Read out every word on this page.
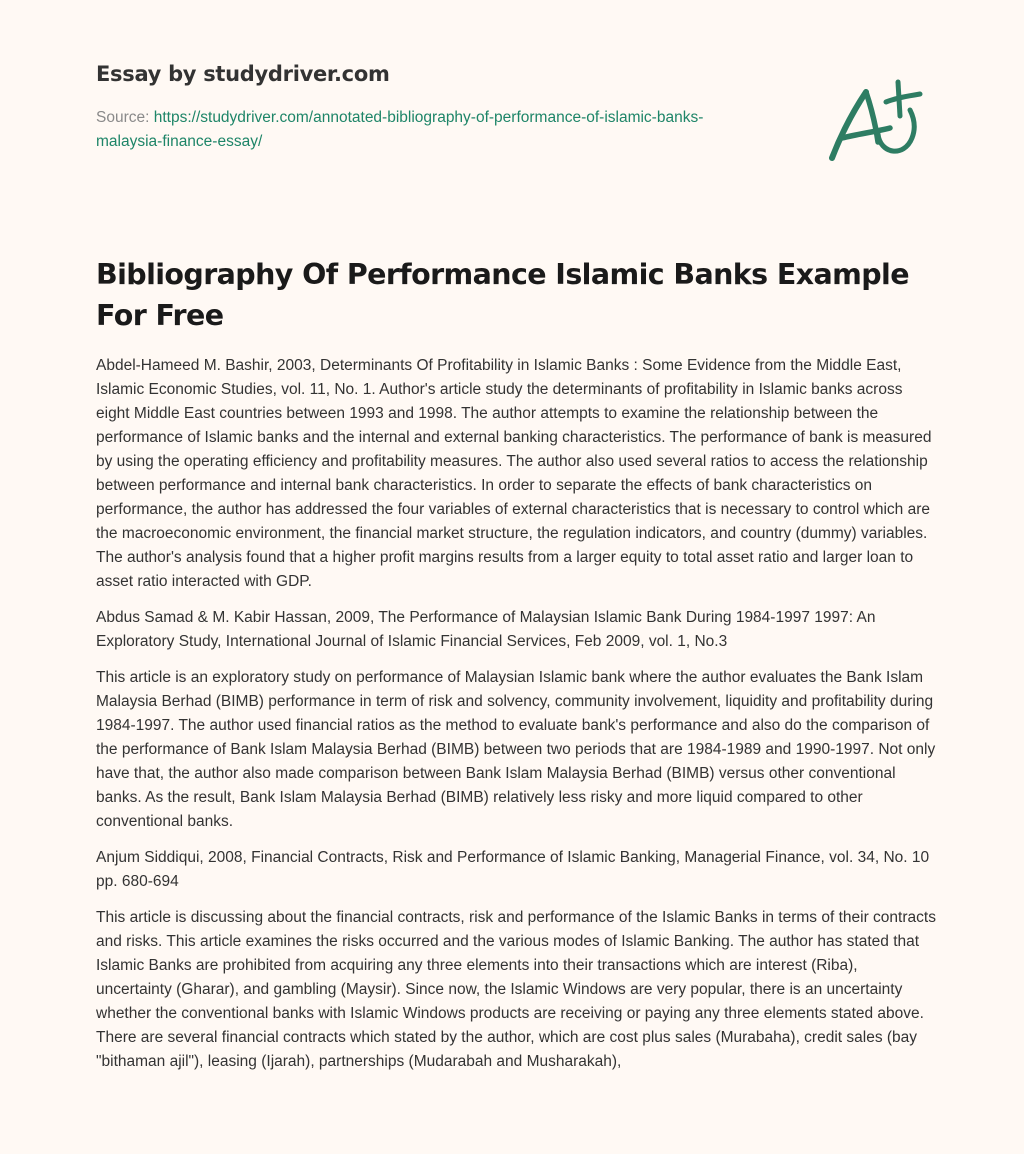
Essay by studydriver.com
Source: https://studydriver.com/annotated-bibliography-of-performance-of-islamic-banks-malaysia-finance-essay/
Bibliography Of Performance Islamic Banks Example For Free

Abdel-Hameed M. Bashir, 2003, Determinants Of Profitability in Islamic Banks : Some Evidence from the Middle East, Islamic Economic Studies, vol. 11, No. 1. Author's article study the determinants of profitability in Islamic banks across eight Middle East countries between 1993 and 1998. The author attempts to examine the relationship between the performance of Islamic banks and the internal and external banking characteristics. The performance of bank is measured by using the operating efficiency and profitability measures. The author also used several ratios to access the relationship between performance and internal bank characteristics. In order to separate the effects of bank characteristics on performance, the author has addressed the four variables of external characteristics that is necessary to control which are the macroeconomic environment, the financial market structure, the regulation indicators, and country (dummy) variables. The author's analysis found that a higher profit margins results from a larger equity to total asset ratio and larger loan to asset ratio interacted with GDP.

Abdus Samad & M. Kabir Hassan, 2009, The Performance of Malaysian Islamic Bank During 1984-1997 1997: An Exploratory Study, International Journal of Islamic Financial Services, Feb 2009, vol. 1, No.3

This article is an exploratory study on performance of Malaysian Islamic bank where the author evaluates the Bank Islam Malaysia Berhad (BIMB) performance in term of risk and solvency, community involvement, liquidity and profitability during 1984-1997. The author used financial ratios as the method to evaluate bank's performance and also do the comparison of the performance of Bank Islam Malaysia Berhad (BIMB) between two periods that are 1984-1989 and 1990-1997. Not only have that, the author also made comparison between Bank Islam Malaysia Berhad (BIMB) versus other conventional banks. As the result, Bank Islam Malaysia Berhad (BIMB) relatively less risky and more liquid compared to other conventional banks.

Anjum Siddiqui, 2008, Financial Contracts, Risk and Performance of Islamic Banking, Managerial Finance, vol. 34, No. 10 pp. 680-694

This article is discussing about the financial contracts, risk and performance of the Islamic Banks in terms of their contracts and risks. This article examines the risks occurred and the various modes of Islamic Banking. The author has stated that Islamic Banks are prohibited from acquiring any three elements into their transactions which are interest (Riba), uncertainty (Gharar), and gambling (Maysir). Since now, the Islamic Windows are very popular, there is an uncertainty whether the conventional banks with Islamic Windows products are receiving or paying any three elements stated above. There are several financial contracts which stated by the author, which are cost plus sales (Murabaha), credit sales (bay "bithaman ajil"), leasing (Ijarah), partnerships (Mudarabah and Musharakah),
